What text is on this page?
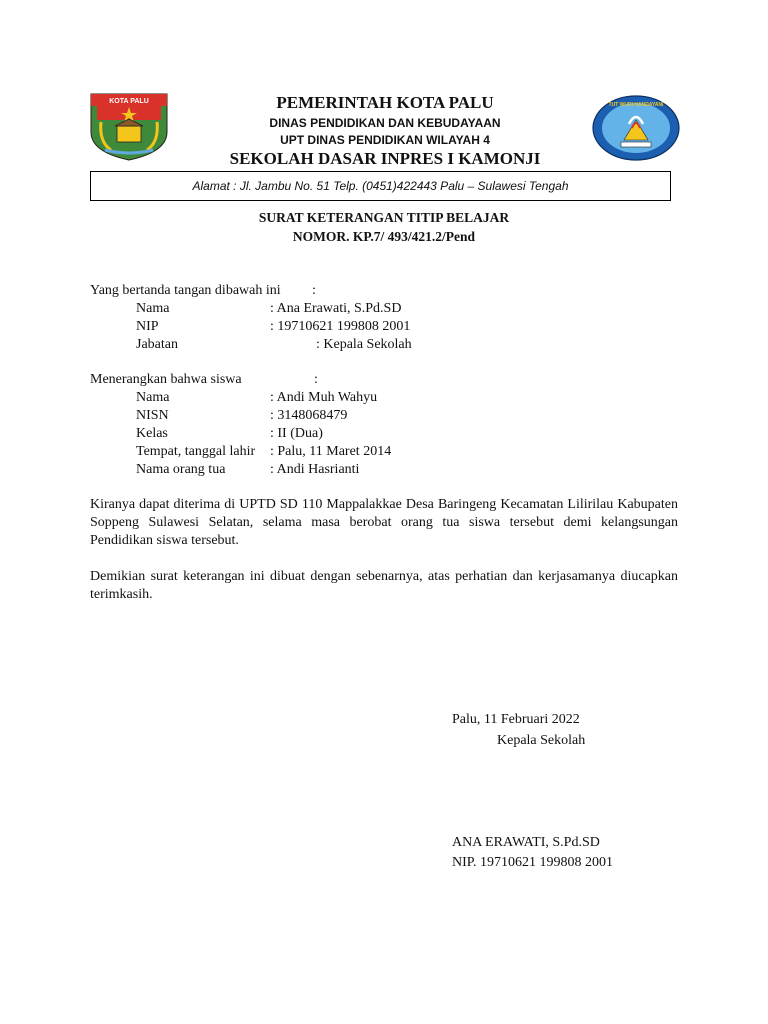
KOTA PALU	PEMERINTAH KOTA PALU
DINAS PENDIDIKAN DAN KEBUDAYAAN
UPT DINAS PENDIDIKAN WILAYAH 4
SEKOLAH DASAR INPRES I KAMONJI
TUT WURI HANDAYANI
Alamat : Jl. Jambu No. 51 Telp. (0451)422443 Palu – Sulawesi Tengah
SURAT KETERANGAN TITIP BELAJAR
NOMOR. KP.7/ 493/421.2/Pend
Yang bertanda tangan dibawah ini :
Nama	: Ana Erawati, S.Pd.SD
NIP	: 19710621 199808 2001
Jabatan	: Kepala Sekolah
Menerangkan bahwa siswa	:
Nama	: Andi Muh Wahyu
NISN	: 3148068479
Kelas	: II (Dua)
Tempat, tanggal lahir : Palu, 11 Maret 2014
Nama orang tua	: Andi Hasrianti
Kiranya dapat diterima di UPTD SD 110 Mappalakkae Desa Baringeng Kecamatan Lilirilau Kabupaten Soppeng Sulawesi Selatan, selama masa berobat orang tua siswa tersebut demi kelangsungan Pendidikan siswa tersebut.
Demikian surat keterangan ini dibuat dengan sebenarnya, atas perhatian dan kerjasamanya diucapkan terimkasih.
Palu, 11 Februari 2022
Kepala Sekolah
ANA ERAWATI, S.Pd.SD
NIP. 19710621 199808 2001
